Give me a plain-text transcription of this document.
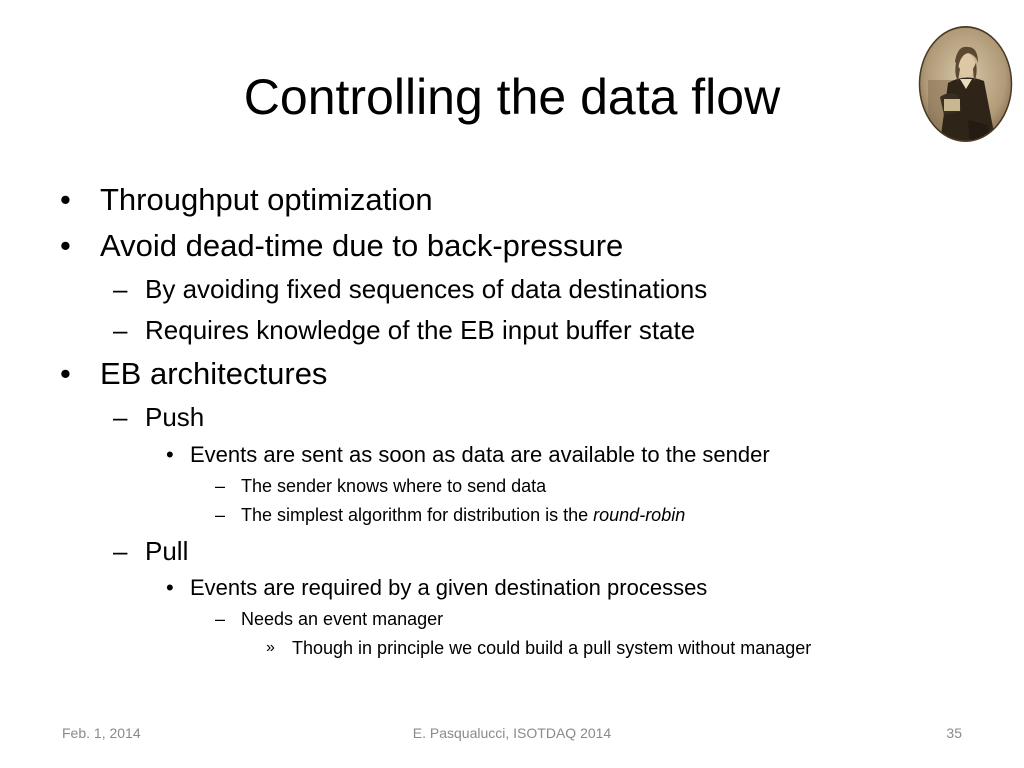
Controlling the data flow
• Throughput optimization
• Avoid dead-time due to back-pressure
– By avoiding fixed sequences of data destinations
– Requires knowledge of the EB input buffer state
• EB architectures
– Push
• Events are sent as soon as data are available to the sender
– The sender knows where to send data
– The simplest algorithm for distribution is the round-robin
– Pull
• Events are required by a given destination processes
– Needs an event manager
» Though in principle we could build a pull system without manager
Feb. 1, 2014	E. Pasqualucci, ISOTDAQ 2014	35
